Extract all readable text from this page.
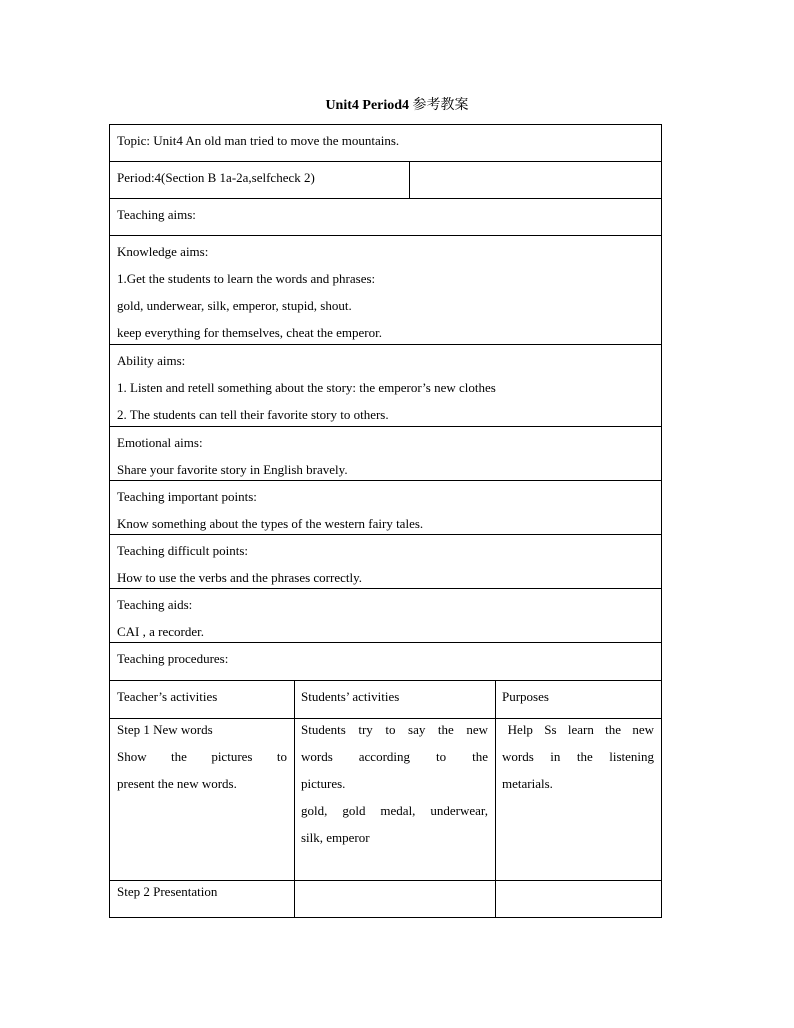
Unit4 Period4 参考教案
Topic: Unit4 An old man tried to move the mountains.
Period:4(Section B 1a-2a,selfcheck 2)
Teaching aims:
Knowledge aims:
1.Get the students to learn the words and phrases:
gold, underwear, silk, emperor, stupid, shout.
keep everything for themselves, cheat the emperor.
Ability aims:
1. Listen and retell something about the story: the emperor’s new clothes
2. The students can tell their favorite story to others.
Emotional aims:
Share your favorite story in English bravely.
Teaching important points:
Know something about the types of the western fairy tales.
Teaching difficult points:
How to use the verbs and the phrases correctly.
Teaching aids:
CAI , a recorder.
Teaching procedures:
Teacher’s activities	Students’ activities	Purposes
Step 1 New words
Show the pictures to
present the new words.
Students try to say the new
words according to the
pictures.
gold, gold medal, underwear,
silk, emperor
Help  Ss  learn  the  new
words in the listening
metarials.
Step 2 Presentation
